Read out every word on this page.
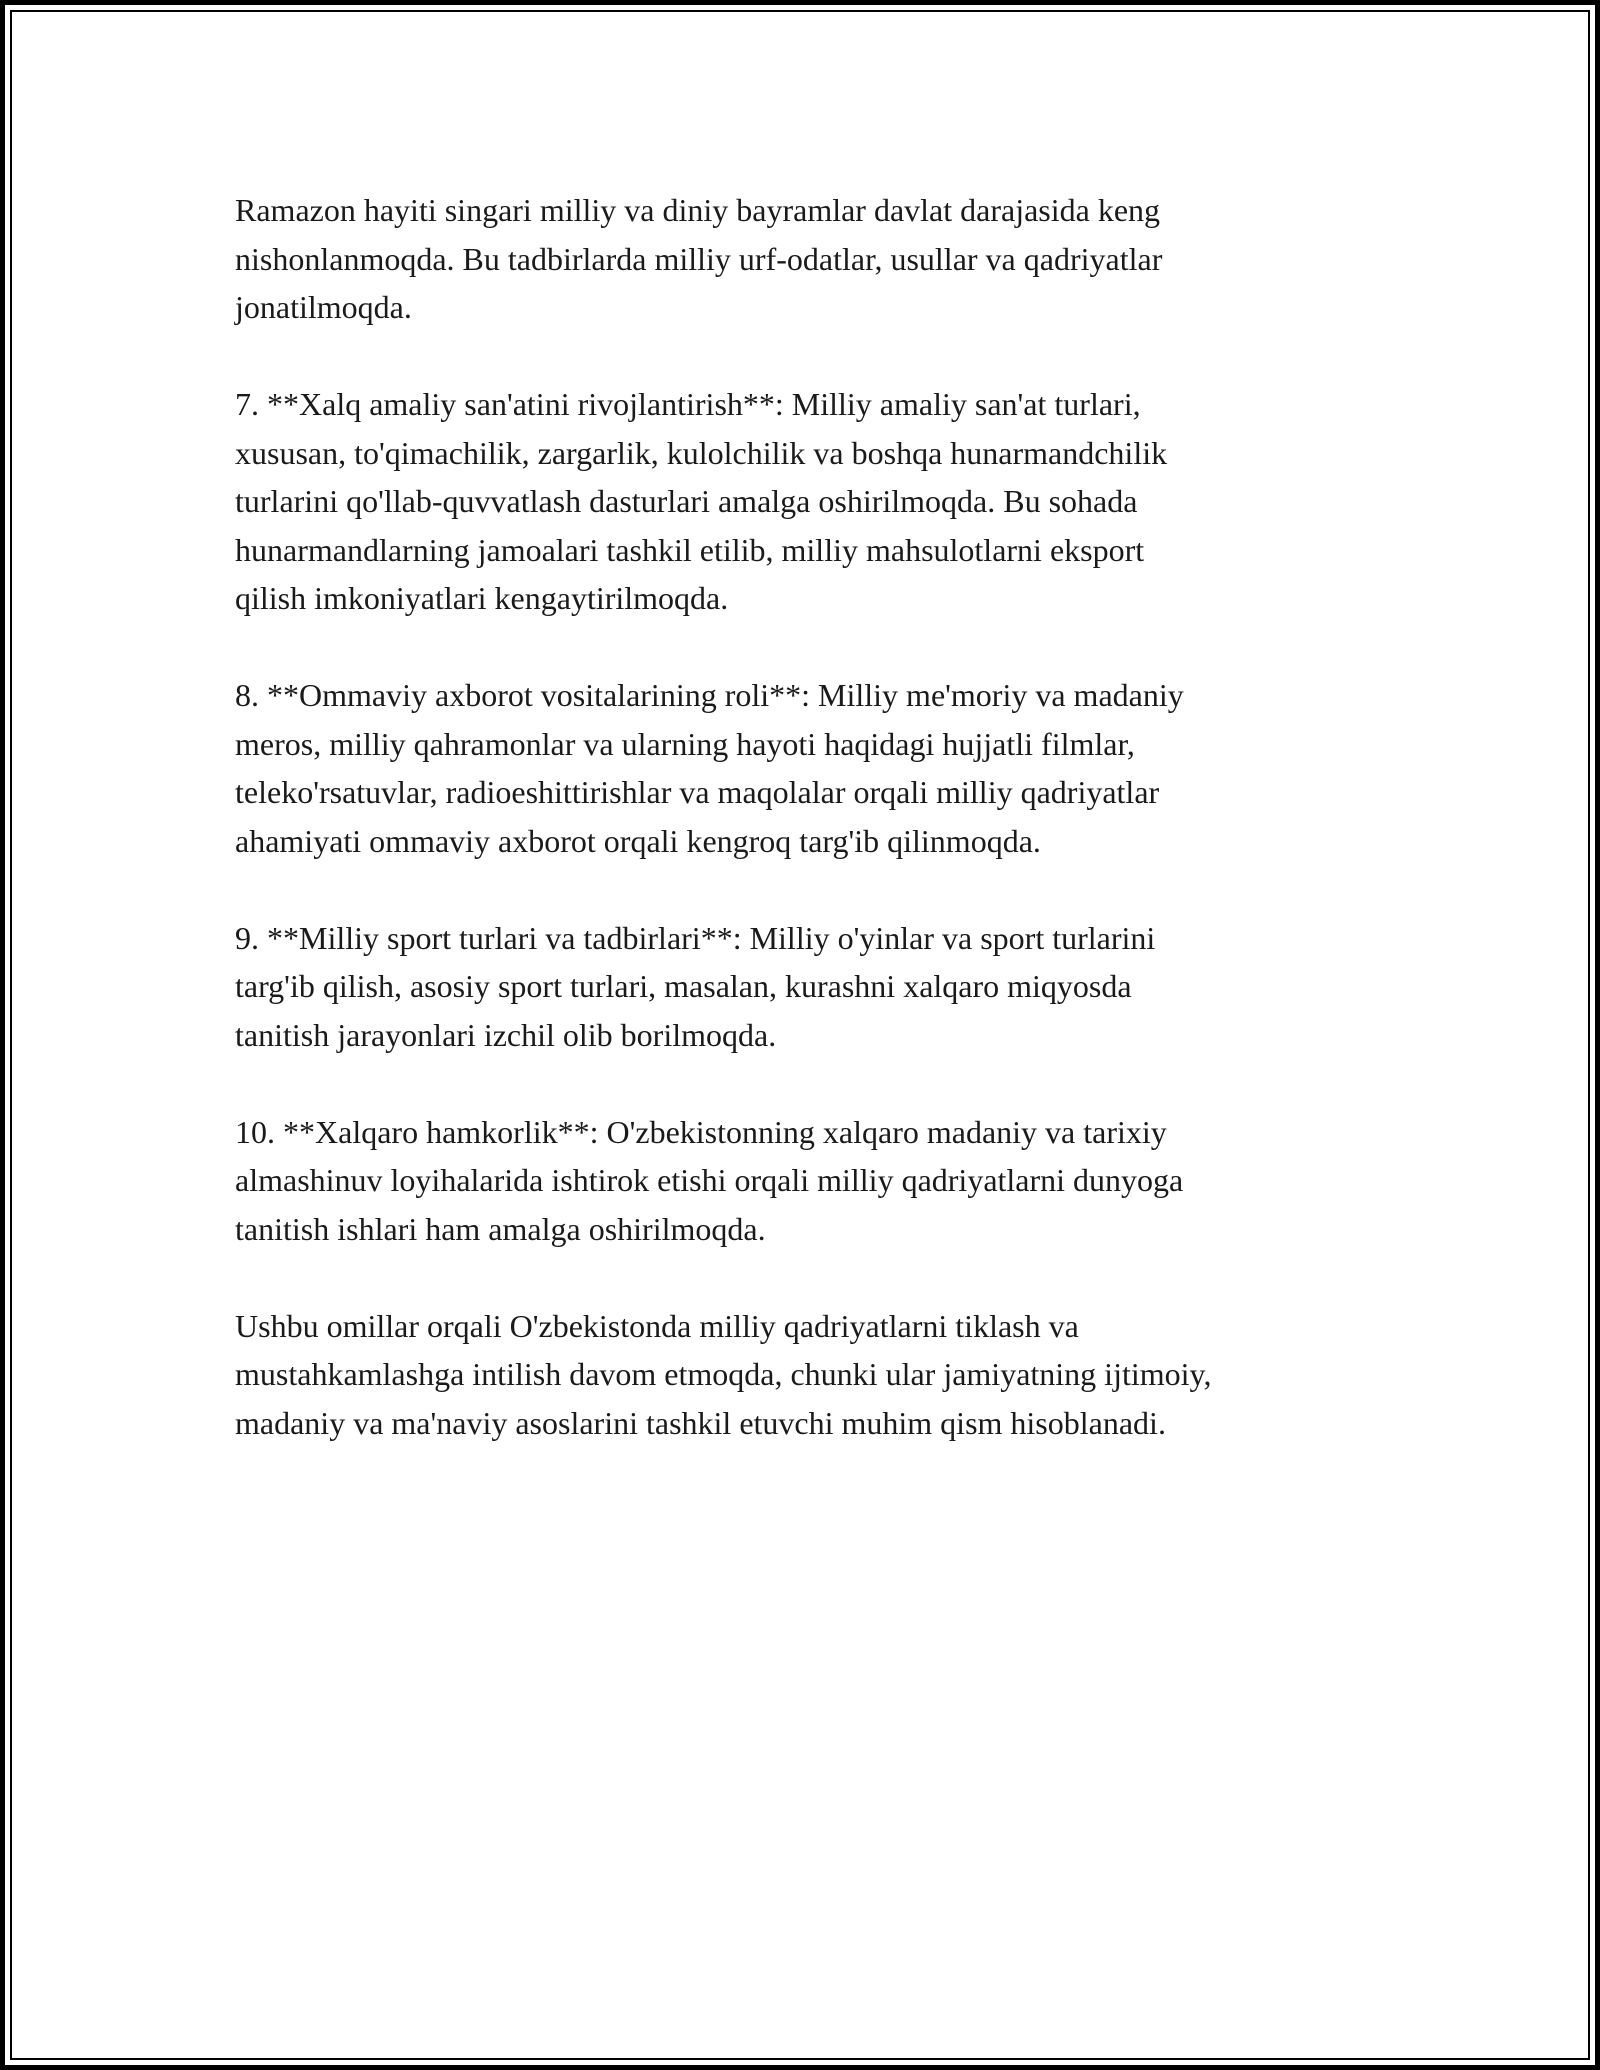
Ramazon hayiti singari milliy va diniy bayramlar davlat darajasida keng
nishonlanmoqda. Bu tadbirlarda milliy urf-odatlar, usullar va qadriyatlar
jonatilmoqda.

7. **Xalq amaliy san'atini rivojlantirish**: Milliy amaliy san'at turlari,
xususan, to'qimachilik, zargarlik, kulolchilik va boshqa hunarmandchilik
turlarini qo'llab-quvvatlash dasturlari amalga oshirilmoqda. Bu sohada
hunarmandlarning jamoalari tashkil etilib, milliy mahsulotlarni eksport
qilish imkoniyatlari kengaytirilmoqda.

8. **Ommaviy axborot vositalarining roli**: Milliy me'moriy va madaniy
meros, milliy qahramonlar va ularning hayoti haqidagi hujjatli filmlar,
teleko'rsatuvlar, radioeshittirishlar va maqolalar orqali milliy qadriyatlar
ahamiyati ommaviy axborot orqali kengroq targ'ib qilinmoqda.

9. **Milliy sport turlari va tadbirlari**: Milliy o'yinlar va sport turlarini
targ'ib qilish, asosiy sport turlari, masalan, kurashni xalqaro miqyosda
tanitish jarayonlari izchil olib borilmoqda.

10. **Xalqaro hamkorlik**: O'zbekistonning xalqaro madaniy va tarixiy
almashinuv loyihalarida ishtirok etishi orqali milliy qadriyatlarni dunyoga
tanitish ishlari ham amalga oshirilmoqda.

Ushbu omillar orqali O'zbekistonda milliy qadriyatlarni tiklash va
mustahkamlashga intilish davom etmoqda, chunki ular jamiyatning ijtimoiy,
madaniy va ma'naviy asoslarini tashkil etuvchi muhim qism hisoblanadi.
